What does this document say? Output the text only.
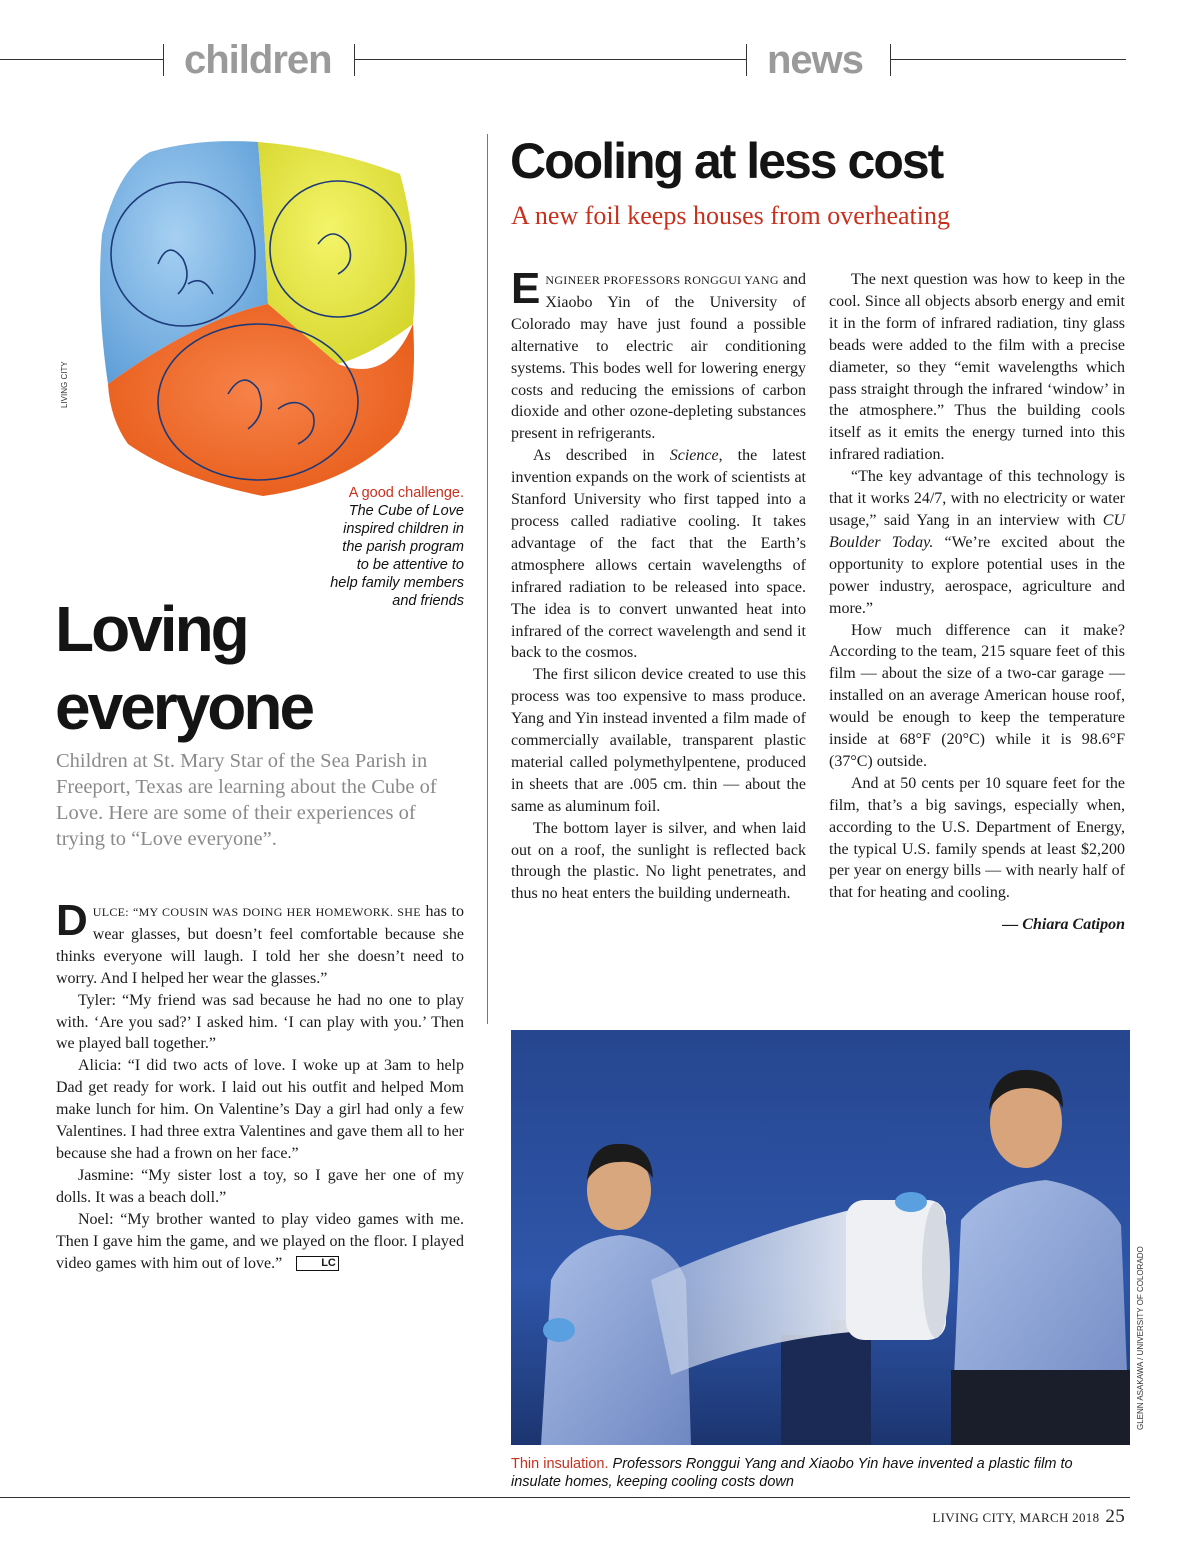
children	news
LIVING CITY
A good challenge.
The Cube of Love
inspired children in
the parish program
to be attentive to
help family members
and friends
Loving
everyone
Children at St. Mary Star of the Sea Parish in Freeport, Texas are learning about the Cube of Love. Here are some of their experiences of trying to “Love everyone”.

DULCE: “MY COUSIN WAS DOING HER HOMEWORK. SHE has to wear glasses, but doesn’t feel comfortable because she thinks everyone will laugh. I told her she doesn’t need to worry. And I helped her wear the glasses.”

Tyler: “My friend was sad because he had no one to play with. ‘Are you sad?’ I asked him. ‘I can play with you.’ Then we played ball together.”

Alicia: “I did two acts of love. I woke up at 3am to help Dad get ready for work. I laid out his outfit and helped Mom make lunch for him. On Valentine’s Day a girl had only a few Valentines. I had three extra Valentines and gave them all to her because she had a frown on her face.”

Jasmine: “My sister lost a toy, so I gave her one of my dolls. It was a beach doll.”

Noel: “My brother wanted to play video games with me. Then I gave him the game, and we played on the floor. I played video games with him out of love.”	LC

Cooling at less cost
A new foil keeps houses from overheating

ENGINEER PROFESSORS RONGGUI YANG and Xiaobo Yin of the University of Colorado may have just found a possible alternative to electric air conditioning systems. This bodes well for lowering energy costs and reducing the emissions of carbon dioxide and other ozone-depleting substances present in refrigerants.

As described in Science, the latest invention expands on the work of scientists at Stanford University who first tapped into a process called radiative cooling. It takes advantage of the fact that the Earth’s atmosphere allows certain wavelengths of infrared radiation to be released into space. The idea is to convert unwanted heat into infrared of the correct wavelength and send it back to the cosmos.

The first silicon device created to use this process was too expensive to mass produce. Yang and Yin instead invented a film made of commercially available, transparent plastic material called polymethylpentene, produced in sheets that are .005 cm. thin — about the same as aluminum foil.

The bottom layer is silver, and when laid out on a roof, the sunlight is reflected back through the plastic. No light penetrates, and thus no heat enters the building underneath.

The next question was how to keep in the cool. Since all objects absorb energy and emit it in the form of infrared radiation, tiny glass beads were added to the film with a precise diameter, so they “emit wavelengths which pass straight through the infrared ‘window’ in the atmosphere.” Thus the building cools itself as it emits the energy turned into this infrared radiation.

“The key advantage of this technology is that it works 24/7, with no electricity or water usage,” said Yang in an interview with CU Boulder Today. “We’re excited about the opportunity to explore potential uses in the power industry, aerospace, agriculture and more.”

How much difference can it make? According to the team, 215 square feet of this film — about the size of a two-car garage — installed on an average American house roof, would be enough to keep the temperature inside at 68°F (20°C) while it is 98.6°F (37°C) outside.

And at 50 cents per 10 square feet for the film, that’s a big savings, especially when, according to the U.S. Department of Energy, the typical U.S. family spends at least $2,200 per year on energy bills — with nearly half of that for heating and cooling.

— Chiara Catipon

GLENN ASAKAWA / UNIVERSITY OF COLORADO
Thin insulation. Professors Ronggui Yang and Xiaobo Yin have invented a plastic film to insulate homes, keeping cooling costs down
LIVING CITY, MARCH 2018 25
